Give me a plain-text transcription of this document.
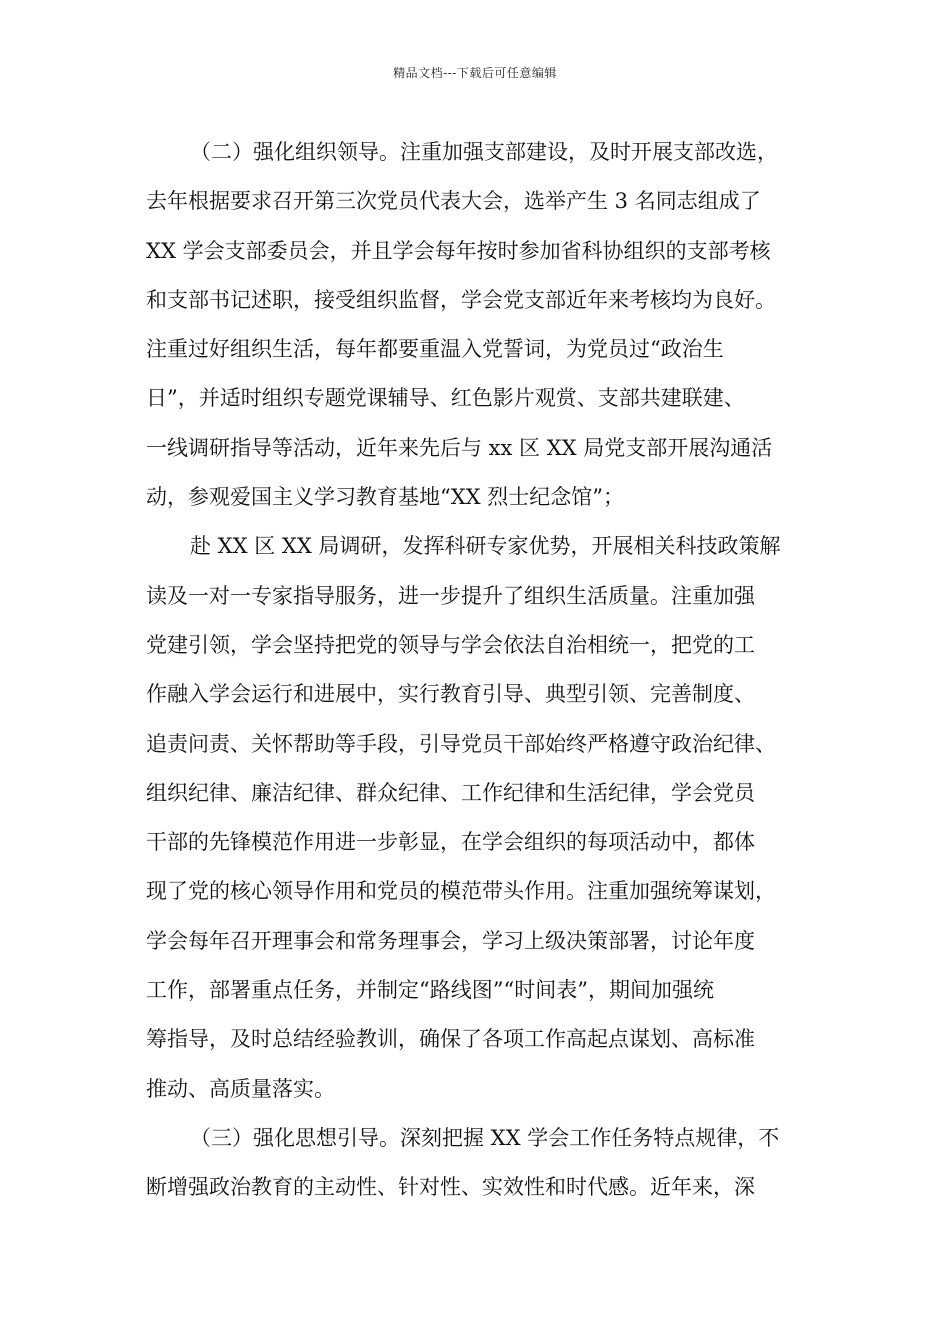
精品文档---下载后可任意编辑
（二）强化组织领导。注重加强支部建设，及时开展支部改选，
去年根据要求召开第三次党员代表大会，选举产生 3 名同志组成了
XX 学会支部委员会，并且学会每年按时参加省科协组织的支部考核
和支部书记述职，接受组织监督，学会党支部近年来考核均为良好。
注重过好组织生活，每年都要重温入党誓词，为党员过“政治生
日”，并适时组织专题党课辅导、红色影片观赏、支部共建联建、
一线调研指导等活动，近年来先后与 xx 区 XX 局党支部开展沟通活
动，参观爱国主义学习教育基地“XX 烈士纪念馆”；
赴 XX 区 XX 局调研，发挥科研专家优势，开展相关科技政策解
读及一对一专家指导服务，进一步提升了组织生活质量。注重加强
党建引领，学会坚持把党的领导与学会依法自治相统一，把党的工
作融入学会运行和进展中，实行教育引导、典型引领、完善制度、
追责问责、关怀帮助等手段，引导党员干部始终严格遵守政治纪律、
组织纪律、廉洁纪律、群众纪律、工作纪律和生活纪律，学会党员
干部的先锋模范作用进一步彰显，在学会组织的每项活动中，都体
现了党的核心领导作用和党员的模范带头作用。注重加强统筹谋划，
学会每年召开理事会和常务理事会，学习上级决策部署，讨论年度
工作，部署重点任务，并制定“路线图”“时间表”，期间加强统
筹指导，及时总结经验教训，确保了各项工作高起点谋划、高标准
推动、高质量落实。
（三）强化思想引导。深刻把握 XX 学会工作任务特点规律，不
断增强政治教育的主动性、针对性、实效性和时代感。近年来，深
